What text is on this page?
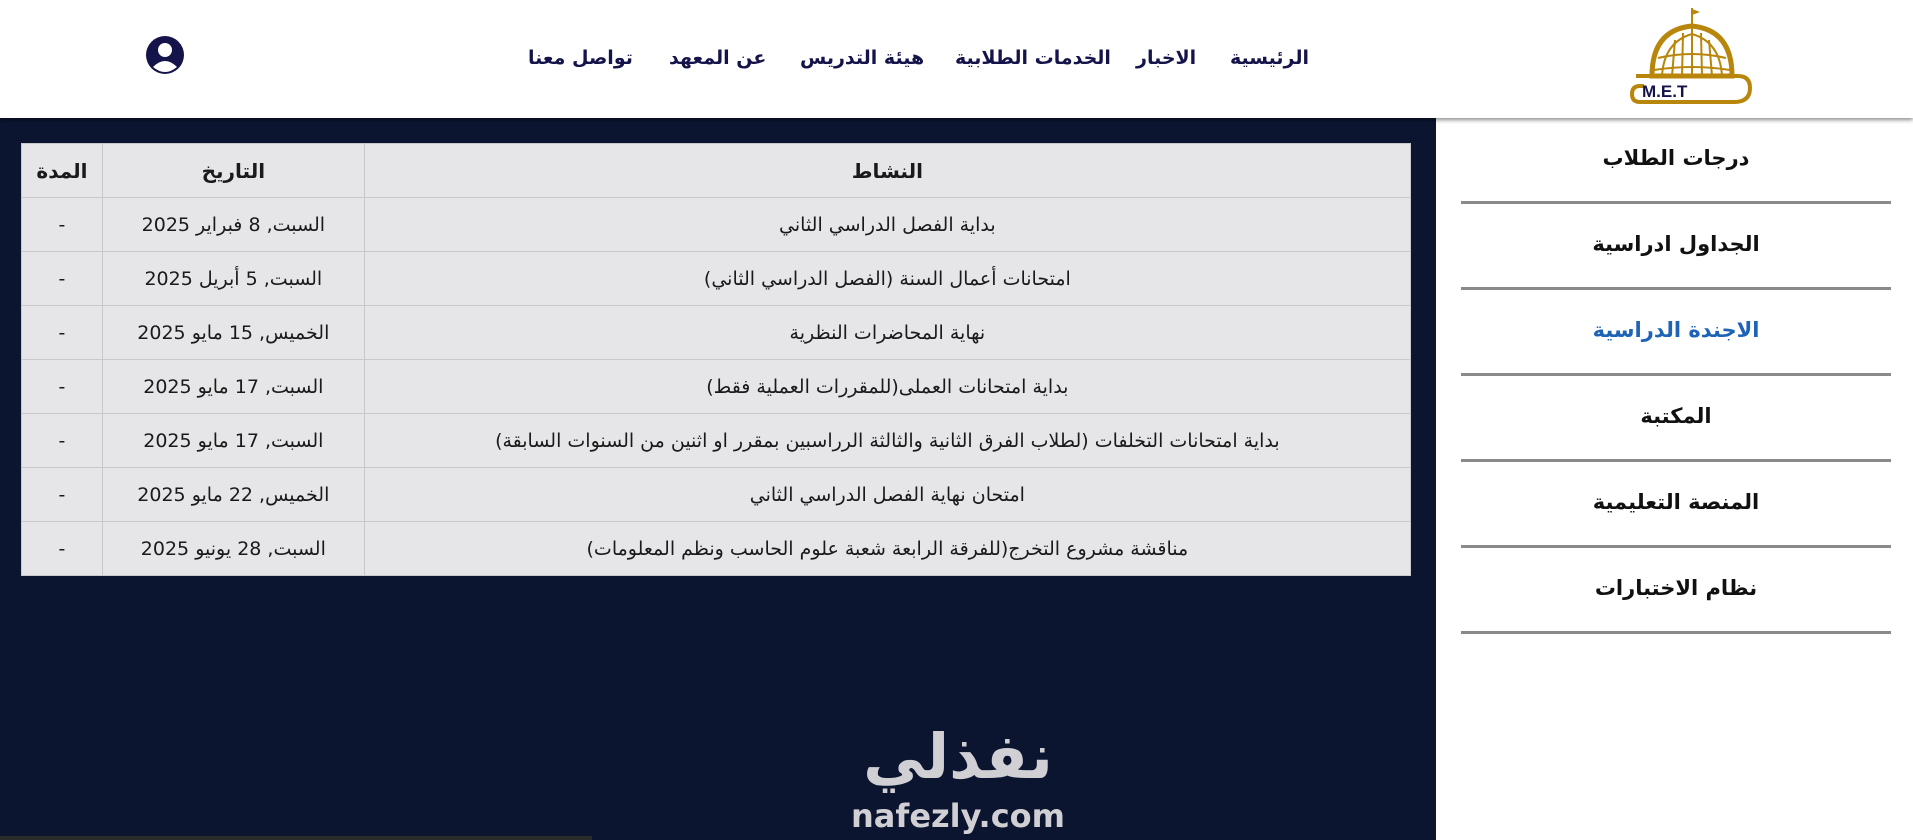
M.E.T
الرئيسية
الاخبار
الخدمات الطلابية
هيئة التدريس
عن المعهد
تواصل معنا
النشاط	التاريخ	المدة
بداية الفصل الدراسي الثاني	السبت, 8 فبراير 2025	-
امتحانات أعمال السنة (الفصل الدراسي الثاني)	السبت, 5 أبريل 2025	-
نهاية المحاضرات النظرية	الخميس, 15 مايو 2025	-
بداية امتحانات العملى(للمقررات العملية فقط)	السبت, 17 مايو 2025	-
بداية امتحانات التخلفات (لطلاب الفرق الثانية والثالثة الرراسبين بمقرر او اثنين من السنوات السابقة)	السبت, 17 مايو 2025	-
امتحان نهاية الفصل الدراسي الثاني	الخميس, 22 مايو 2025	-
مناقشة مشروع التخرج(للفرقة الرابعة شعبة علوم الحاسب ونظم المعلومات)	السبت, 28 يونيو 2025	-
نفذلي
nafezly.com
درجات الطلاب
الجداول ادراسية
الاجندة الدراسية
المكتبة
المنصة التعليمية
نظام الاختبارات
